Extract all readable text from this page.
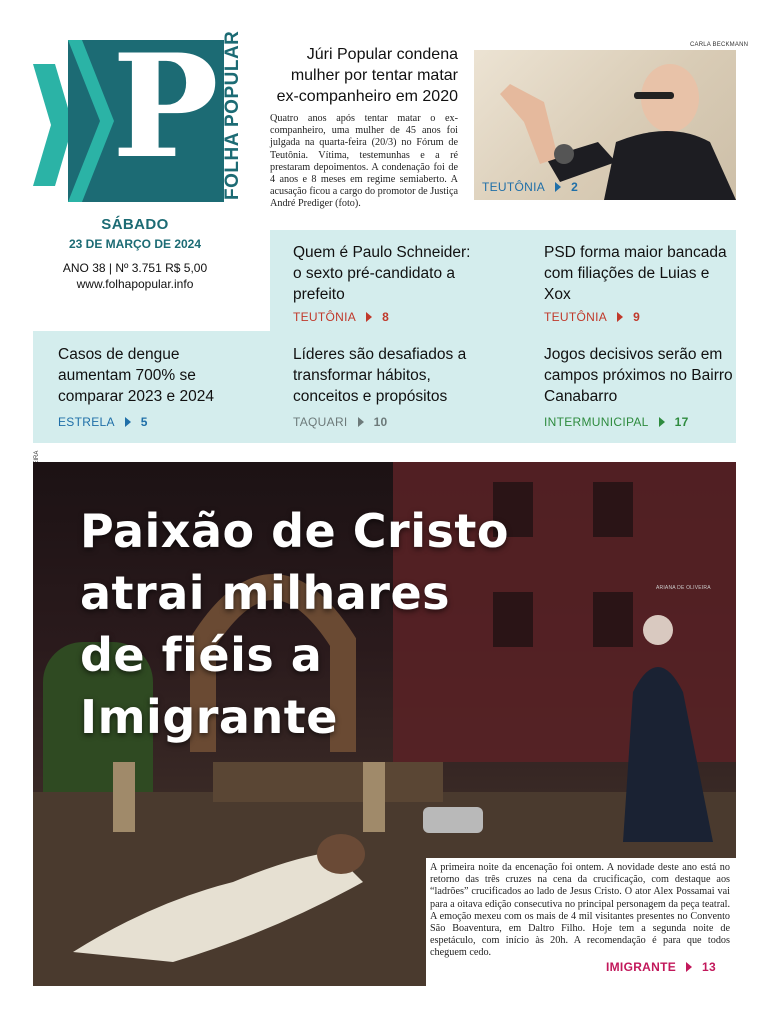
P FOLHA POPULAR
SÁBADO
23 DE MARÇO DE 2024
ANO 38 | Nº 3.751 R$ 5,00
www.folhapopular.info
Júri Popular condena mulher por tentar matar ex-companheiro em 2020
Quatro anos após tentar matar o ex-companheiro, uma mulher de 45 anos foi julgada na quarta-feira (20/3) no Fórum de Teutônia. Vítima, testemunhas e a ré prestaram depoimentos. A condenação foi de 4 anos e 8 meses em regime semiaberto. A acusação ficou a cargo do promotor de Justiça André Prediger (foto).
CARLA BECKMANN
TEUTÔNIA 2
Quem é Paulo Schneider: o sexto pré-candidato a prefeito
TEUTÔNIA 8
PSD forma maior bancada com filiações de Luias e Xox
TEUTÔNIA 9
Casos de dengue aumentam 700% se comparar 2023 e 2024
ESTRELA 5
Líderes são desafiados a transformar hábitos, conceitos e propósitos
TAQUARI 10
Jogos decisivos serão em campos próximos no Bairro Canabarro
INTERMUNICIPAL 17
ARIANA DE OLIVEIRA
Paixão de Cristo atrai milhares de fiéis a Imigrante
A primeira noite da encenação foi ontem. A novidade deste ano está no retorno das três cruzes na cena da crucificação, com destaque aos “ladrões” crucificados ao lado de Jesus Cristo. O ator Alex Possamai vai para a oitava edição consecutiva no principal personagem da peça teatral. A emoção mexeu com os mais de 4 mil visitantes presentes no Convento São Boaventura, em Daltro Filho. Hoje tem a segunda noite de espetáculo, com início às 20h. A recomendação é para que todos cheguem cedo.
IMIGRANTE 13
